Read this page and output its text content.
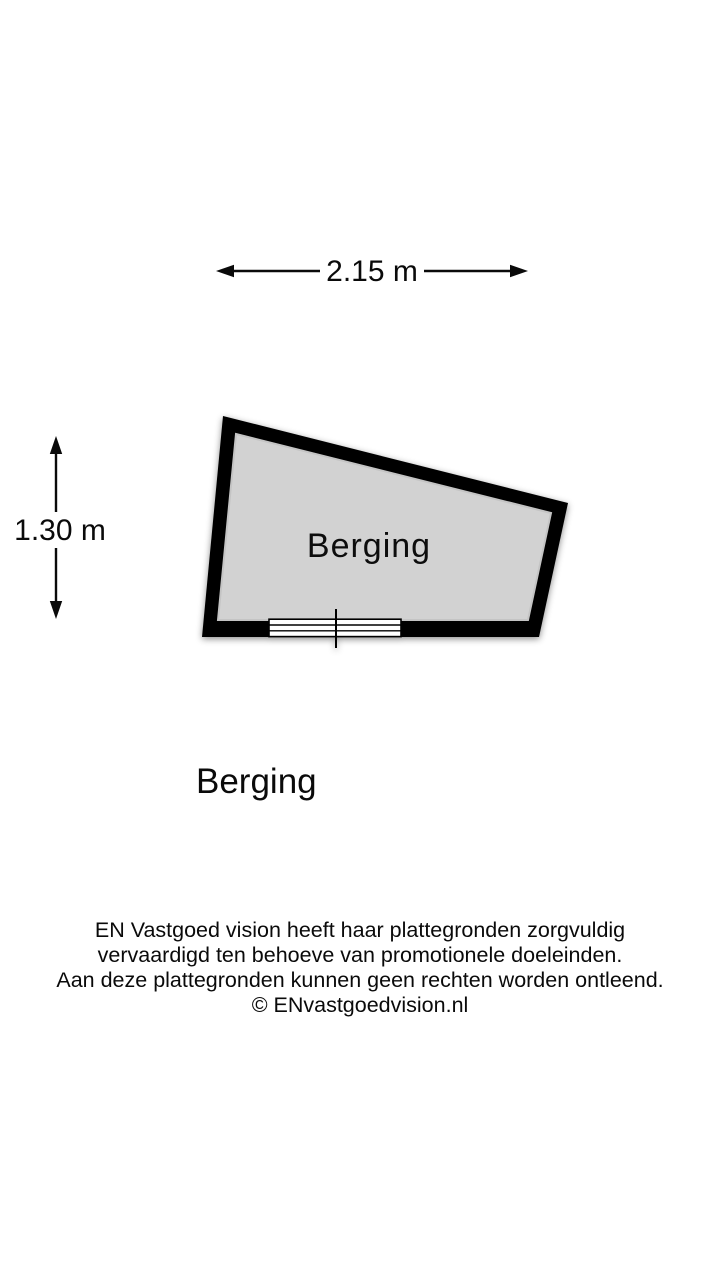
2.15 m
1.30 m	Berging
Berging
EN Vastgoed vision heeft haar plattegronden zorgvuldig
vervaardigd ten behoeve van promotionele doeleinden.
Aan deze plattegronden kunnen geen rechten worden ontleend.
© ENvastgoedvision.nl
